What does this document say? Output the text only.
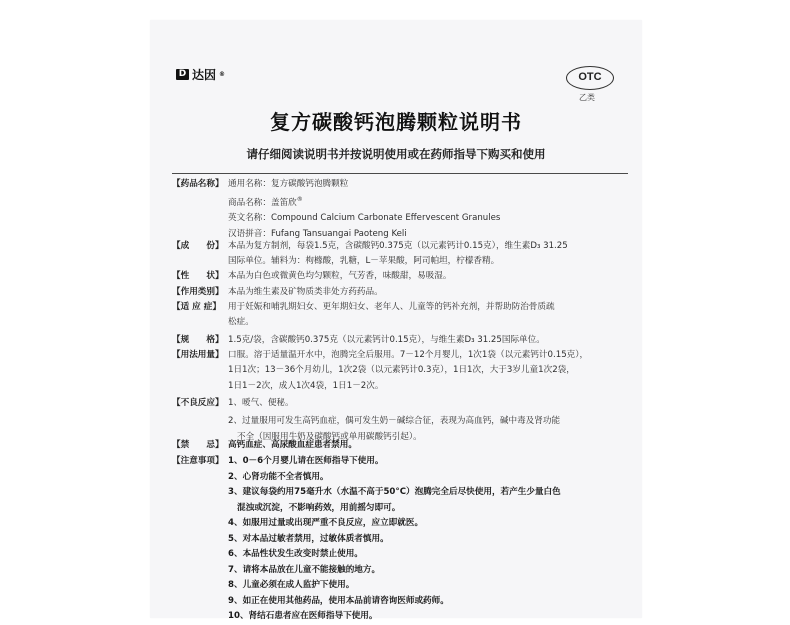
D 达因 ®	OTC
乙类
复方碳酸钙泡腾颗粒说明书
请仔细阅读说明书并按说明使用或在药师指导下购买和使用
【药品名称】 通用名称：复方碳酸钙泡腾颗粒
商品名称：盖笛欣®
英文名称：Compound Calcium Carbonate Effervescent Granules
汉语拼音：Fufang Tansuangai Paoteng Keli
【成　　份】 本品为复方制剂，每袋1.5克，含碳酸钙0.375克（以元素钙计0.15克），维生素D₃ 31.25
国际单位。辅料为：枸橼酸，乳糖，L－苹果酸，阿司帕坦，柠檬香精。
【性　　状】 本品为白色或微黄色均匀颗粒，气芳香，味酸甜，易吸湿。
【作用类别】 本品为维生素及矿物质类非处方药药品。
【适 应 症】 用于妊娠和哺乳期妇女、更年期妇女、老年人、儿童等的钙补充剂，并帮助防治骨质疏
松症。
【规　　格】 1.5克/袋，含碳酸钙0.375克（以元素钙计0.15克），与维生素D₃ 31.25国际单位。
【用法用量】 口服。溶于适量温开水中，泡腾完全后服用。7－12个月婴儿，1次1袋（以元素钙计0.15克），
1日1次；13－36个月幼儿，1次2袋（以元素钙计0.3克），1日1次，大于3岁儿童1次2袋，
1日1－2次，成人1次4袋，1日1－2次。
【不良反应】 1、嗳气、便秘。
2、过量服用可发生高钙血症，偶可发生奶－碱综合征，表现为高血钙，碱中毒及肾功能
不全（因服用牛奶及碳酸钙或单用碳酸钙引起）。
【禁　　忌】 高钙血症、高尿酸血症患者禁用。
【注意事项】 1、0－6个月婴儿请在医师指导下使用。
2、心肾功能不全者慎用。
3、建议每袋约用75毫升水（水温不高于50°C）泡腾完全后尽快使用，若产生少量白色
混浊或沉淀，不影响药效，用前摇匀即可。
4、如服用过量或出现严重不良反应，应立即就医。
5、对本品过敏者禁用，过敏体质者慎用。
6、本品性状发生改变时禁止使用。
7、请将本品放在儿童不能接触的地方。
8、儿童必须在成人监护下使用。
9、如正在使用其他药品，使用本品前请咨询医师或药师。
10、肾结石患者应在医师指导下使用。
